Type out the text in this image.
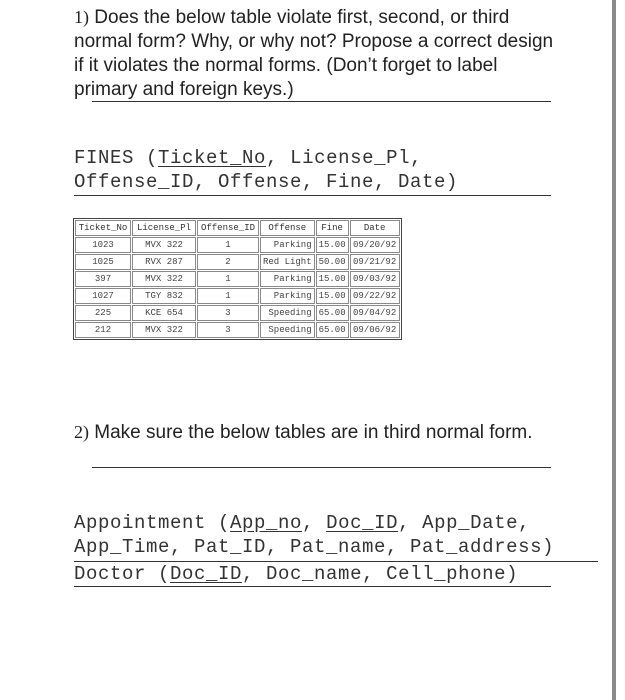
1) Does the below table violate first, second, or third normal form? Why, or why not? Propose a correct design if it violates the normal forms. (Don’t forget to label primary and foreign keys.)
FINES (Ticket_No, License_Pl,
Offense_ID, Offense, Fine, Date)
Ticket_No	License_Pl	Offense_ID	Offense	Fine	Date
1023	MVX 322	1	Parking	15.00	09/20/92
1025	RVX 287	2	Red Light	50.00	09/21/92
397	MVX 322	1	Parking	15.00	09/03/92
1027	TGY 832	1	Parking	15.00	09/22/92
225	KCE 654	3	Speeding	65.00	09/04/92
212	MVX 322	3	Speeding	65.00	09/06/92
2) Make sure the below tables are in third normal form.
Appointment (App_no, Doc_ID, App_Date,
App_Time, Pat_ID, Pat_name, Pat_address)
Doctor (Doc_ID, Doc_name, Cell_phone)
